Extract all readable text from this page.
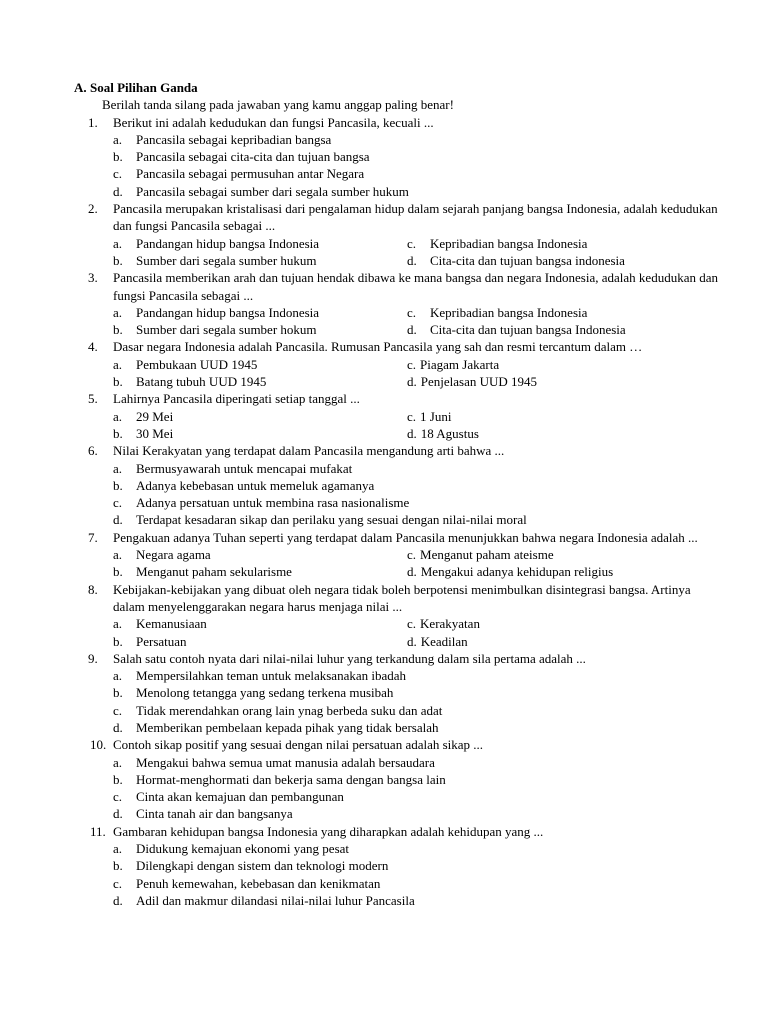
A. Soal Pilihan Ganda
Berilah tanda silang pada jawaban yang kamu anggap paling benar!
1.	Berikut ini adalah kedudukan dan fungsi Pancasila, kecuali ...
a.	Pancasila sebagai kepribadian bangsa
b.	Pancasila sebagai cita-cita dan tujuan bangsa
c.	Pancasila sebagai permusuhan antar Negara
d.	Pancasila sebagai sumber dari segala sumber hukum
2.	Pancasila merupakan kristalisasi dari pengalaman hidup dalam sejarah panjang bangsa Indonesia, adalah kedudukan dan fungsi Pancasila sebagai ...
a.	Pandangan hidup bangsa Indonesia	c.	Kepribadian bangsa Indonesia
b.	Sumber dari segala sumber hukum	d.	Cita-cita dan tujuan bangsa indonesia
3.	Pancasila memberikan arah dan tujuan hendak dibawa ke mana bangsa dan negara Indonesia, adalah kedudukan dan fungsi Pancasila sebagai ...
a.	Pandangan hidup bangsa Indonesia	c.	Kepribadian bangsa Indonesia
b.	Sumber dari segala sumber hokum	d.	Cita-cita dan tujuan bangsa Indonesia
4.	Dasar negara Indonesia adalah Pancasila. Rumusan Pancasila yang sah dan resmi tercantum dalam …
a.	Pembukaan UUD 1945	c. Piagam Jakarta
b.	Batang tubuh UUD 1945	d. Penjelasan UUD 1945
5.	Lahirnya Pancasila diperingati setiap tanggal ...
a.	29 Mei	c. 1 Juni
b.	30 Mei	d. 18 Agustus
6.	Nilai Kerakyatan yang terdapat dalam Pancasila mengandung arti bahwa ...
a.	Bermusyawarah untuk mencapai mufakat
b.	Adanya kebebasan untuk memeluk agamanya
c.	Adanya persatuan untuk membina rasa nasionalisme
d.	Terdapat kesadaran sikap dan perilaku yang sesuai dengan nilai-nilai moral
7.	Pengakuan adanya Tuhan seperti yang terdapat dalam Pancasila menunjukkan bahwa negara Indonesia adalah ...
a.	Negara agama	c. Menganut paham ateisme
b.	Menganut paham sekularisme	d. Mengakui adanya kehidupan religius
8.	Kebijakan-kebijakan yang dibuat oleh negara tidak boleh berpotensi menimbulkan disintegrasi bangsa. Artinya dalam menyelenggarakan negara harus menjaga nilai ...
a.	Kemanusiaan	c. Kerakyatan
b.	Persatuan	d. Keadilan
9.	Salah satu contoh nyata dari nilai-nilai luhur yang terkandung dalam sila pertama adalah ...
a.	Mempersilahkan teman untuk melaksanakan ibadah
b.	Menolong tetangga yang sedang terkena musibah
c.	Tidak merendahkan orang lain ynag berbeda suku dan adat
d.	Memberikan pembelaan kepada pihak yang tidak bersalah
10. Contoh sikap positif yang sesuai dengan nilai persatuan adalah sikap ...
a.	Mengakui bahwa semua umat manusia adalah bersaudara
b.	Hormat-menghormati dan bekerja sama dengan bangsa lain
c.	Cinta akan kemajuan dan pembangunan
d.	Cinta tanah air dan bangsanya
11. Gambaran kehidupan bangsa Indonesia yang diharapkan adalah kehidupan yang ...
a.	Didukung kemajuan ekonomi yang pesat
b.	Dilengkapi dengan sistem dan teknologi modern
c.	Penuh kemewahan, kebebasan dan kenikmatan
d.	Adil dan makmur dilandasi nilai-nilai luhur Pancasila
